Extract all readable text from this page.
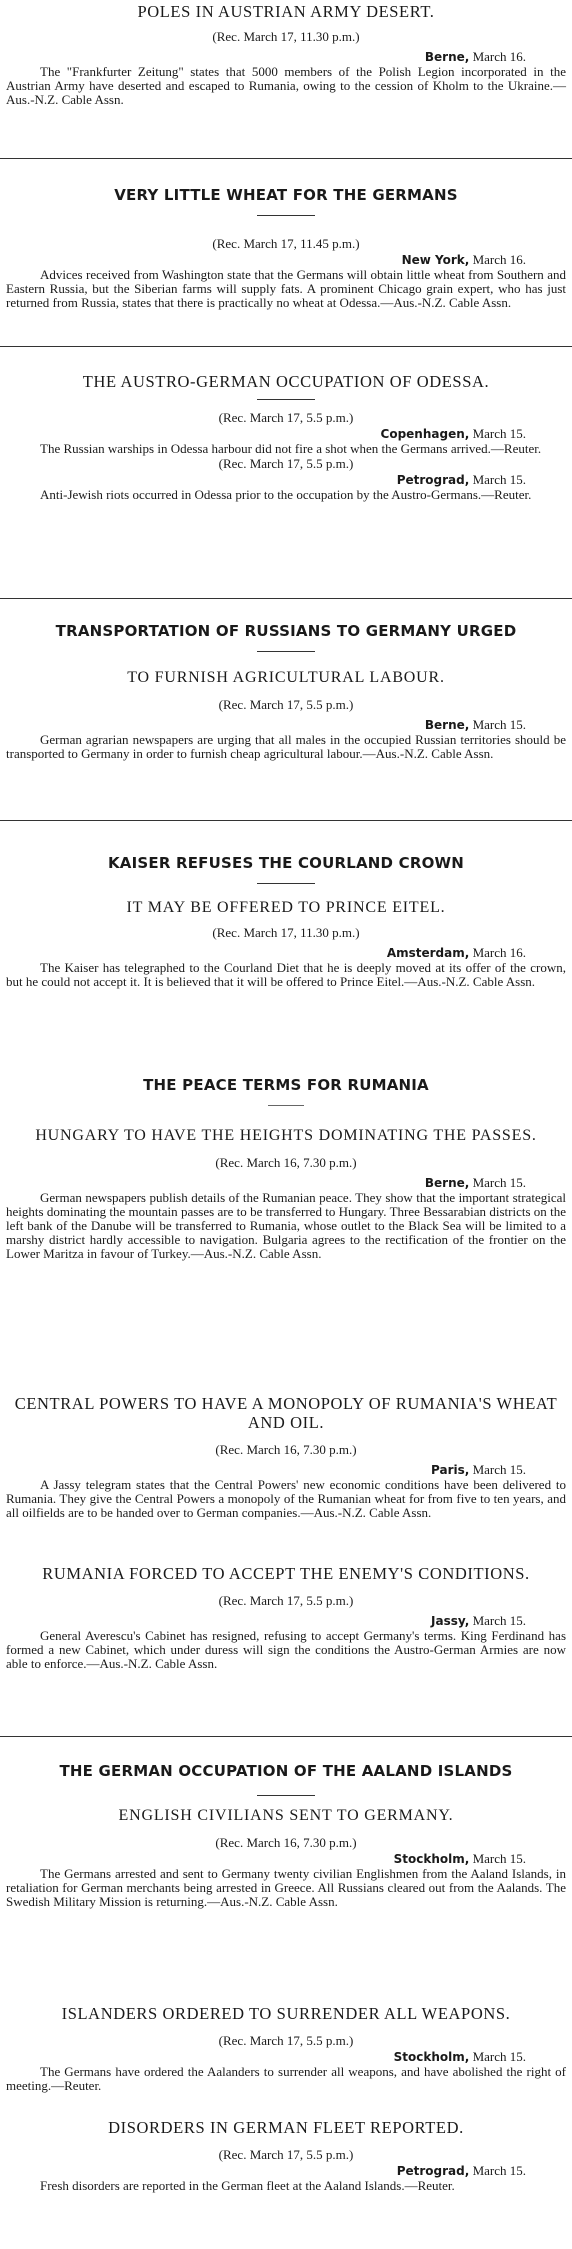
POLES IN AUSTRIAN ARMY DESERT.
(Rec. March 17, 11.30 p.m.)
Berne, March 16.

The "Frankfurter Zeitung" states that 5000 members of the Polish Legion incorporated in the Austrian Army have deserted and escaped to Rumania, owing to the cession of Kholm to the Ukraine.—Aus.-N.Z. Cable Assn.

VERY LITTLE WHEAT FOR THE GERMANS
(Rec. March 17, 11.45 p.m.)
New York, March 16.

Advices received from Washington state that the Germans will obtain little wheat from Southern and Eastern Russia, but the Siberian farms will supply fats. A prominent Chicago grain expert, who has just returned from Russia, states that there is practically no wheat at Odessa.—Aus.-N.Z. Cable Assn.

THE AUSTRO-GERMAN OCCUPATION OF ODESSA.
(Rec. March 17, 5.5 p.m.)
Copenhagen, March 15.

The Russian warships in Odessa harbour did not fire a shot when the Germans arrived.—Reuter.

(Rec. March 17, 5.5 p.m.)
Petrograd, March 15.

Anti-Jewish riots occurred in Odessa prior to the occupation by the Austro-Germans.—Reuter.

TRANSPORTATION OF RUSSIANS TO GERMANY URGED
TO FURNISH AGRICULTURAL LABOUR.
(Rec. March 17, 5.5 p.m.)
Berne, March 15.

German agrarian newspapers are urging that all males in the occupied Russian territories should be transported to Germany in order to furnish cheap agricultural labour.—Aus.-N.Z. Cable Assn.

KAISER REFUSES THE COURLAND CROWN
IT MAY BE OFFERED TO PRINCE EITEL.
(Rec. March 17, 11.30 p.m.)
Amsterdam, March 16.

The Kaiser has telegraphed to the Courland Diet that he is deeply moved at its offer of the crown, but he could not accept it. It is believed that it will be offered to Prince Eitel.—Aus.-N.Z. Cable Assn.

THE PEACE TERMS FOR RUMANIA
HUNGARY TO HAVE THE HEIGHTS DOMINATING THE PASSES.
(Rec. March 16, 7.30 p.m.)
Berne, March 15.

German newspapers publish details of the Rumanian peace. They show that the important strategical heights dominating the mountain passes are to be transferred to Hungary. Three Bessarabian districts on the left bank of the Danube will be transferred to Rumania, whose outlet to the Black Sea will be limited to a marshy district hardly accessible to navigation. Bulgaria agrees to the rectification of the frontier on the Lower Maritza in favour of Turkey.—Aus.-N.Z. Cable Assn.

CENTRAL POWERS TO HAVE A MONOPOLY OF RUMANIA'S WHEAT AND OIL.
(Rec. March 16, 7.30 p.m.)
Paris, March 15.

A Jassy telegram states that the Central Powers' new economic conditions have been delivered to Rumania. They give the Central Powers a monopoly of the Rumanian wheat for from five to ten years, and all oilfields are to be handed over to German companies.—Aus.-N.Z. Cable Assn.

RUMANIA FORCED TO ACCEPT THE ENEMY'S CONDITIONS.
(Rec. March 17, 5.5 p.m.)
Jassy, March 15.

General Averescu's Cabinet has resigned, refusing to accept Germany's terms. King Ferdinand has formed a new Cabinet, which under duress will sign the conditions the Austro-German Armies are now able to enforce.—Aus.-N.Z. Cable Assn.

THE GERMAN OCCUPATION OF THE AALAND ISLANDS
ENGLISH CIVILIANS SENT TO GERMANY.
(Rec. March 16, 7.30 p.m.)
Stockholm, March 15.

The Germans arrested and sent to Germany twenty civilian Englishmen from the Aaland Islands, in retaliation for German merchants being arrested in Greece. All Russians cleared out from the Aalands. The Swedish Military Mission is returning.—Aus.-N.Z. Cable Assn.

ISLANDERS ORDERED TO SURRENDER ALL WEAPONS.
(Rec. March 17, 5.5 p.m.)
Stockholm, March 15.

The Germans have ordered the Aalanders to surrender all weapons, and have abolished the right of meeting.—Reuter.

DISORDERS IN GERMAN FLEET REPORTED.
(Rec. March 17, 5.5 p.m.)
Petrograd, March 15.

Fresh disorders are reported in the German fleet at the Aaland Islands.—Reuter.
